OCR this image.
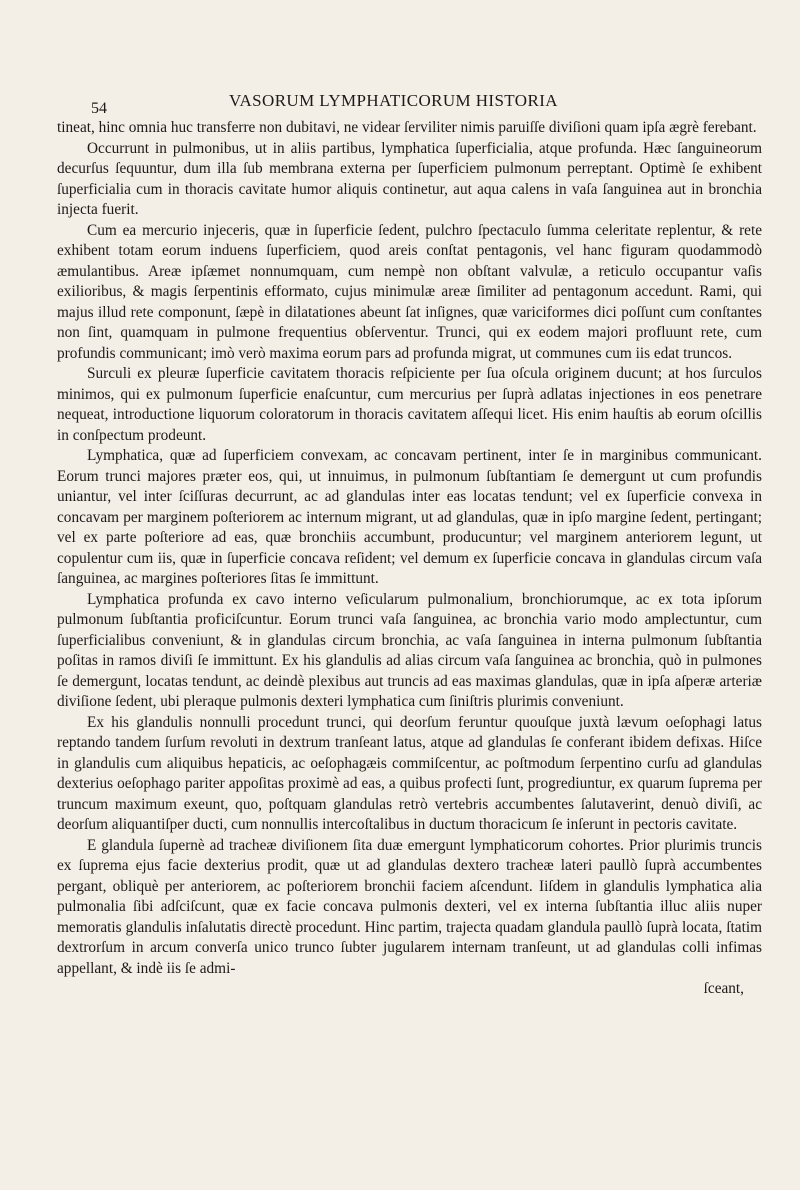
54	VASORUM LYMPHATICORUM HISTORIA

tineat, hinc omnia huc transferre non dubitavi, ne videar ſerviliter nimis paruiſſe diviſioni quam ipſa ægrè ferebant.

Occurrunt in pulmonibus, ut in aliis partibus, lymphatica ſuperficialia, atque profunda. Hæc ſanguineorum decurſus ſequuntur, dum illa ſub membrana externa per ſuperficiem pulmonum perreptant. Optimè ſe exhibent ſuperficialia cum in thoracis cavitate humor aliquis continetur, aut aqua calens in vaſa ſanguinea aut in bronchia injecta fuerit.

Cum ea mercurio injeceris, quæ in ſuperficie ſedent, pulchro ſpectaculo ſumma celeritate replentur, & rete exhibent totam eorum induens ſuperficiem, quod areis conſtat pentagonis, vel hanc figuram quodammodò æmulantibus. Areæ ipſæmet nonnumquam, cum nempè non obſtant valvulæ, a reticulo occupantur vaſis exilioribus, & magis ſerpentinis efformato, cujus minimulæ areæ ſimiliter ad pentagonum accedunt. Rami, qui majus illud rete componunt, ſæpè in dilatationes abeunt ſat inſignes, quæ variciformes dici poſſunt cum conſtantes non ſint, quamquam in pulmone frequentius obſerventur. Trunci, qui ex eodem majori profluunt rete, cum profundis communicant; imò verò maxima eorum pars ad profunda migrat, ut communes cum iis edat truncos.

Surculi ex pleuræ ſuperficie cavitatem thoracis reſpiciente per ſua oſcula originem ducunt; at hos ſurculos minimos, qui ex pulmonum ſuperficie enaſcuntur, cum mercurius per ſuprà adlatas injectiones in eos penetrare nequeat, introductione liquorum coloratorum in thoracis cavitatem aſſequi licet. His enim hauſtis ab eorum oſcillis in conſpectum prodeunt.

Lymphatica, quæ ad ſuperficiem convexam, ac concavam pertinent, inter ſe in marginibus communicant. Eorum trunci majores præter eos, qui, ut innuimus, in pulmonum ſubſtantiam ſe demergunt ut cum profundis uniantur, vel inter ſciſſuras decurrunt, ac ad glandulas inter eas locatas tendunt; vel ex ſuperficie convexa in concavam per marginem poſteriorem ac internum migrant, ut ad glandulas, quæ in ipſo margine ſedent, pertingant; vel ex parte poſteriore ad eas, quæ bronchiis accumbunt, producuntur; vel marginem anteriorem legunt, ut copulentur cum iis, quæ in ſuperficie concava reſident; vel demum ex ſuperficie concava in glandulas circum vaſa ſanguinea, ac margines poſteriores ſitas ſe immittunt.

Lymphatica profunda ex cavo interno veſicularum pulmonalium, bronchiorumque, ac ex tota ipſorum pulmonum ſubſtantia proficiſcuntur. Eorum trunci vaſa ſanguinea, ac bronchia vario modo amplectuntur, cum ſuperficialibus conveniunt, & in glandulas circum bronchia, ac vaſa ſanguinea in interna pulmonum ſubſtantia poſitas in ramos diviſi ſe immittunt. Ex his glandulis ad alias circum vaſa ſanguinea ac bronchia, quò in pulmones ſe demergunt, locatas tendunt, ac deindè plexibus aut truncis ad eas maximas glandulas, quæ in ipſa aſperæ arteriæ diviſione ſedent, ubi pleraque pulmonis dexteri lymphatica cum ſiniſtris plurimis conveniunt.

Ex his glandulis nonnulli procedunt trunci, qui deorſum feruntur quouſque juxtà lævum oeſophagi latus reptando tandem ſurſum revoluti in dextrum tranſeant latus, atque ad glandulas ſe conferant ibidem defixas. Hiſce in glandulis cum aliquibus hepaticis, ac oeſophagæis commiſcentur, ac poſtmodum ſerpentino curſu ad glandulas dexterius oeſophago pariter appoſitas proximè ad eas, a quibus profecti ſunt, progrediuntur, ex quarum ſuprema per truncum maximum exeunt, quo, poſtquam glandulas retrò vertebris accumbentes ſalutaverint, denuò diviſi, ac deorſum aliquantiſper ducti, cum nonnullis intercoſtalibus in ductum thoracicum ſe inſerunt in pectoris cavitate.

E glandula ſupernè ad tracheæ diviſionem ſita duæ emergunt lymphaticorum cohortes. Prior plurimis truncis ex ſuprema ejus facie dexterius prodit, quæ ut ad glandulas dextero tracheæ lateri paullò ſuprà accumbentes pergant, obliquè per anteriorem, ac poſteriorem bronchii faciem aſcendunt. Iiſdem in glandulis lymphatica alia pulmonalia ſibi adſciſcunt, quæ ex facie concava pulmonis dexteri, vel ex interna ſubſtantia illuc aliis nuper memoratis glandulis inſalutatis directè procedunt. Hinc partim, trajecta quadam glandula paullò ſuprà locata, ſtatim dextrorſum in arcum converſa unico trunco ſubter jugularem internam tranſeunt, ut ad glandulas colli infimas appellant, & indè iis ſe admi-

ſceant,
